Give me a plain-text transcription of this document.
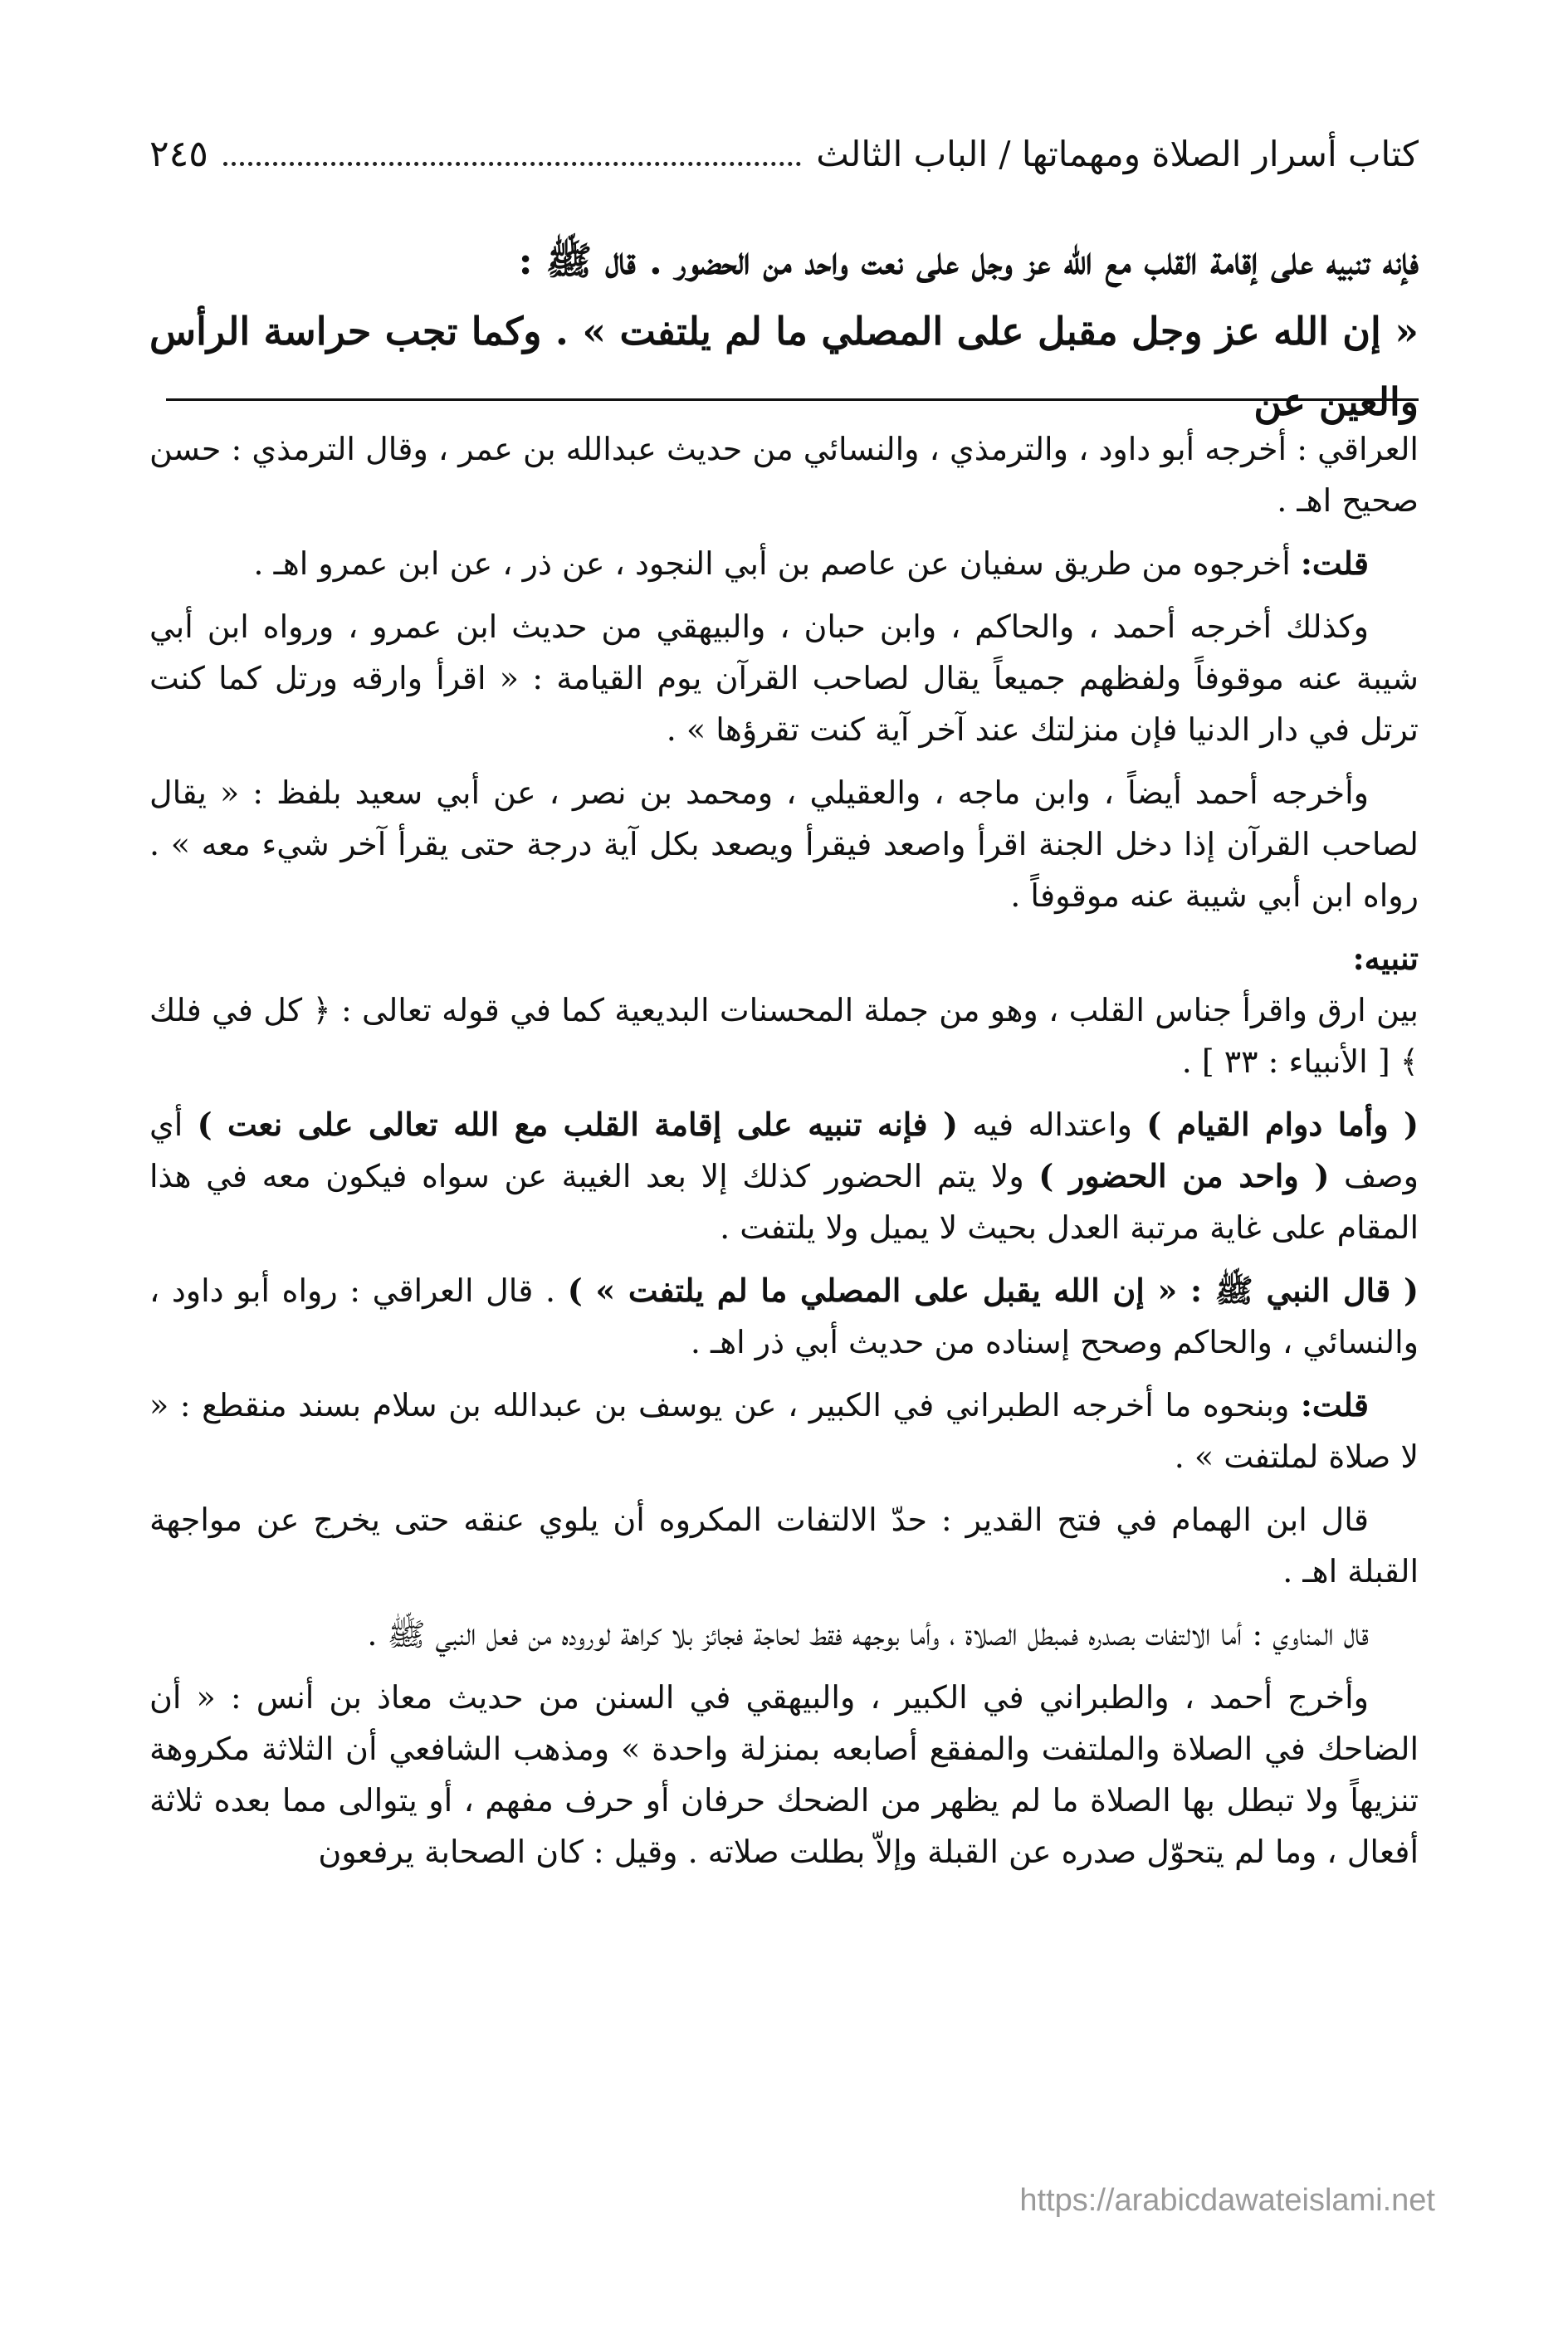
كتاب أسرار الصلاة ومهماتها / الباب الثالث
٢٤٥

فإنه تنبيه على إقامة القلب مع الله عز وجل على نعت واحد من الحضور . قال ﷺ :

« إن الله عز وجل مقبل على المصلي ما لم يلتفت » . وكما تجب حراسة الرأس والعين عن

العراقي : أخرجه أبو داود ، والترمذي ، والنسائي من حديث عبدالله بن عمر ، وقال الترمذي : حسن صحيح اهـ .

قلت: أخرجوه من طريق سفيان عن عاصم بن أبي النجود ، عن ذر ، عن ابن عمرو اهـ .

وكذلك أخرجه أحمد ، والحاكم ، وابن حبان ، والبيهقي من حديث ابن عمرو ، ورواه ابن أبي شيبة عنه موقوفاً ولفظهم جميعاً يقال لصاحب القرآن يوم القيامة : « اقرأ وارقه ورتل كما كنت ترتل في دار الدنيا فإن منزلتك عند آخر آية كنت تقرؤها » .

وأخرجه أحمد أيضاً ، وابن ماجه ، والعقيلي ، ومحمد بن نصر ، عن أبي سعيد بلفظ : « يقال لصاحب القرآن إذا دخل الجنة اقرأ واصعد فيقرأ ويصعد بكل آية درجة حتى يقرأ آخر شيء معه » . رواه ابن أبي شيبة عنه موقوفاً .

تنبيه:

بين ارق واقرأ جناس القلب ، وهو من جملة المحسنات البديعية كما في قوله تعالى : ﴿ كل في فلك ﴾ [ الأنبياء : ٣٣ ] .

( وأما دوام القيام ) واعتداله فيه ( فإنه تنبيه على إقامة القلب مع الله تعالى على نعت ) أي وصف ( واحد من الحضور ) ولا يتم الحضور كذلك إلا بعد الغيبة عن سواه فيكون معه في هذا المقام على غاية مرتبة العدل بحيث لا يميل ولا يلتفت .

( قال النبي ﷺ : « إن الله يقبل على المصلي ما لم يلتفت » ) . قال العراقي : رواه أبو داود ، والنسائي ، والحاكم وصحح إسناده من حديث أبي ذر اهـ .

قلت: وبنحوه ما أخرجه الطبراني في الكبير ، عن يوسف بن عبدالله بن سلام بسند منقطع : « لا صلاة لملتفت » .

قال ابن الهمام في فتح القدير : حدّ الالتفات المكروه أن يلوي عنقه حتى يخرج عن مواجهة القبلة اهـ .

قال المناوي : أما الالتفات بصدره فمبطل الصلاة ، وأما بوجهه فقط لحاجة فجائز بلا كراهة لوروده من فعل النبي ﷺ .

وأخرج أحمد ، والطبراني في الكبير ، والبيهقي في السنن من حديث معاذ بن أنس : « أن الضاحك في الصلاة والملتفت والمفقع أصابعه بمنزلة واحدة » ومذهب الشافعي أن الثلاثة مكروهة تنزيهاً ولا تبطل بها الصلاة ما لم يظهر من الضحك حرفان أو حرف مفهم ، أو يتوالى مما بعده ثلاثة أفعال ، وما لم يتحوّل صدره عن القبلة وإلاّ بطلت صلاته . وقيل : كان الصحابة يرفعون

https://arabicdawateislami.net
